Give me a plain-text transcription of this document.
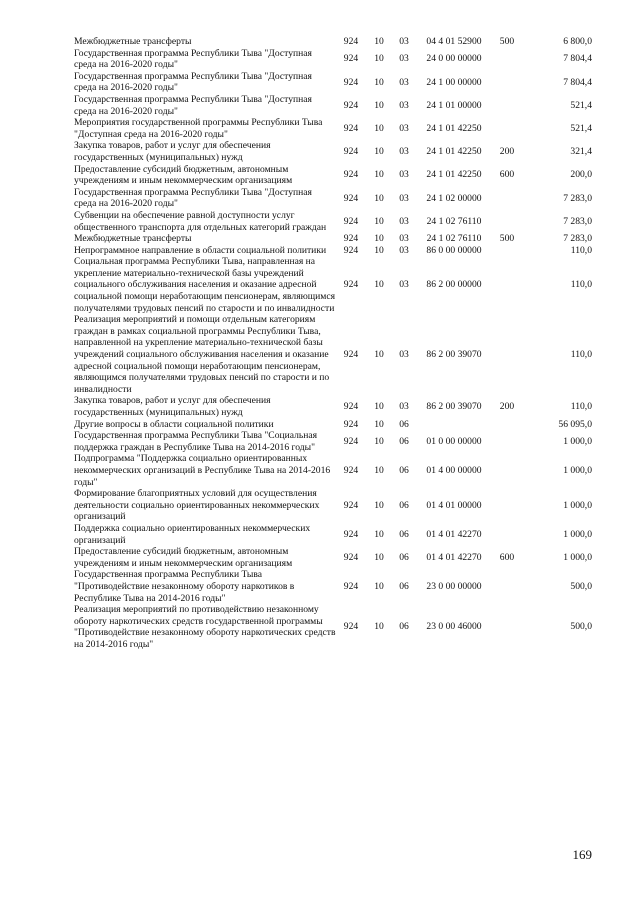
Межбюджетные трансферты	924	10	03	04 4 01 52900	500	6 800,0
Государственная программа Республики Тыва "Доступная среда на 2016-2020 годы"	924	10	03	24 0 00 00000		7 804,4
Государственная программа Республики Тыва "Доступная среда на 2016-2020 годы"	924	10	03	24 1 00 00000		7 804,4
Государственная программа Республики Тыва "Доступная среда на 2016-2020 годы"	924	10	03	24 1 01 00000		521,4
Мероприятия государственной программы Республики Тыва "Доступная среда на 2016-2020 годы"	924	10	03	24 1 01 42250		521,4
Закупка товаров, работ и услуг для обеспечения государственных (муниципальных) нужд	924	10	03	24 1 01 42250	200	321,4
Предоставление субсидий бюджетным, автономным учреждениям и иным некоммерческим организациям	924	10	03	24 1 01 42250	600	200,0
Государственная программа Республики Тыва "Доступная среда на 2016-2020 годы"	924	10	03	24 1 02 00000		7 283,0
Субвенции на обеспечение равной доступности услуг общественного транспорта для отдельных категорий граждан	924	10	03	24 1 02 76110		7 283,0
Межбюджетные трансферты	924	10	03	24 1 02 76110	500	7 283,0
Непрограммное направление в области социальной политики	924	10	03	86 0 00 00000		110,0
Социальная программа Республики Тыва, направленная на укрепление материально-технической базы учреждений социального обслуживания населения и оказание адресной социальной помощи неработающим пенсионерам, являющимся получателями трудовых пенсий по старости и по инвалидности	924	10	03	86 2 00 00000		110,0
Реализация мероприятий и помощи отдельным категориям граждан в рамках социальной программы Республики Тыва, направленной на укрепление материально-технической базы учреждений социального обслуживания населения и оказание адресной социальной помощи неработающим пенсионерам, являющимся получателями трудовых пенсий по старости и по инвалидности	924	10	03	86 2 00 39070		110,0
Закупка товаров, работ и услуг для обеспечения государственных (муниципальных) нужд	924	10	03	86 2 00 39070	200	110,0
Другие вопросы в области социальной политики	924	10	06			56 095,0
Государственная программа Республики Тыва "Социальная поддержка граждан в Республике Тыва на 2014-2016 годы"	924	10	06	01 0 00 00000		1 000,0
Подпрограмма "Поддержка социально ориентированных некоммерческих организаций в Республике Тыва на 2014-2016 годы"	924	10	06	01 4 00 00000		1 000,0
Формирование благоприятных условий для осуществления деятельности социально ориентированных некоммерческих организаций	924	10	06	01 4 01 00000		1 000,0
Поддержка социально ориентированных некоммерческих организаций	924	10	06	01 4 01 42270		1 000,0
Предоставление субсидий бюджетным, автономным учреждениям и иным некоммерческим организациям	924	10	06	01 4 01 42270	600	1 000,0
Государственная программа Республики Тыва "Противодействие незаконному обороту наркотиков в Республике Тыва на 2014-2016 годы"	924	10	06	23 0 00 00000		500,0
Реализация мероприятий по противодействию незаконному обороту наркотических средств государственной программы "Противодействие незаконному обороту наркотических средств на 2014-2016 годы"	924	10	06	23 0 00 46000		500,0
169
